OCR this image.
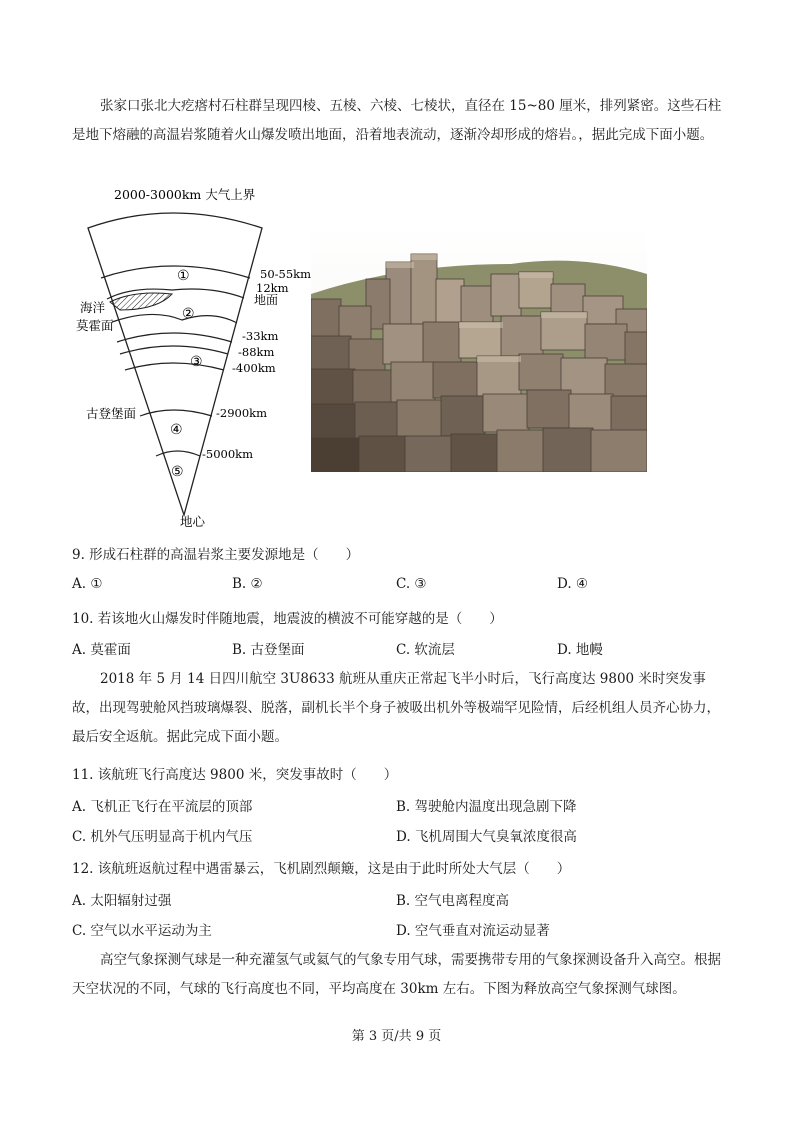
张家口张北大疙瘩村石柱群呈现四棱、五棱、六棱、七棱状，直径在 15~80 厘米，排列紧密。这些石柱是地下熔融的高温岩浆随着火山爆发喷出地面，沿着地表流动，逐渐冷却形成的熔岩。，据此完成下面小题。

2000-3000km 大气上界
①
②
③
④
⑤
50-55km
12km
地面
-33km
-88km
-400km
-2900km
-5000km
海洋
莫霍面
古登堡面
地心

9. 形成石柱群的高温岩浆主要发源地是（　　）

A. ①	B. ②	C. ③	D. ④

10. 若该地火山爆发时伴随地震，地震波的横波不可能穿越的是（　　）

A. 莫霍面	B. 古登堡面	C. 软流层	D. 地幔

2018 年 5 月 14 日四川航空 3U8633 航班从重庆正常起飞半小时后，飞行高度达 9800 米时突发事故，出现驾驶舱风挡玻璃爆裂、脱落，副机长半个身子被吸出机外等极端罕见险情，后经机组人员齐心协力，最后安全返航。据此完成下面小题。

11. 该航班飞行高度达 9800 米，突发事故时（　　）

A. 飞机正飞行在平流层的顶部	B. 驾驶舱内温度出现急剧下降
C. 机外气压明显高于机内气压	D. 飞机周围大气臭氧浓度很高

12. 该航班返航过程中遇雷暴云，飞机剧烈颠簸，这是由于此时所处大气层（　　）

A. 太阳辐射过强	B. 空气电离程度高
C. 空气以水平运动为主	D. 空气垂直对流运动显著

高空气象探测气球是一种充灌氢气或氦气的气象专用气球，需要携带专用的气象探测设备升入高空。根据天空状况的不同，气球的飞行高度也不同，平均高度在 30km 左右。下图为释放高空气象探测气球图。

第 3 页/共 9 页
